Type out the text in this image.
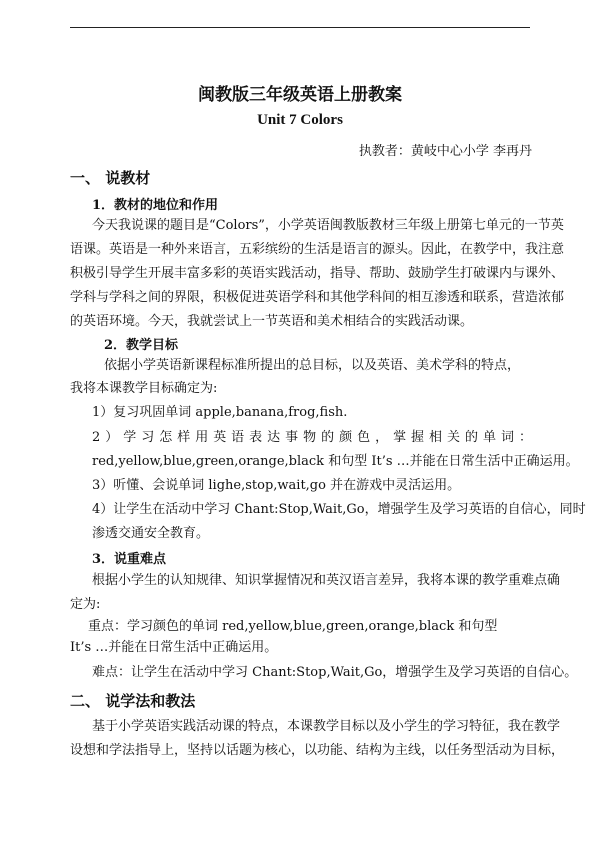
闽教版三年级英语上册教案
Unit 7 Colors
执教者：黄岐中心小学 李再丹
一、 说教材
1．教材的地位和作用
今天我说课的题目是“Colors”，小学英语闽教版教材三年级上册第七单元的一节英
语课。英语是一种外来语言，五彩缤纷的生活是语言的源头。因此，在教学中，我注意
积极引导学生开展丰富多彩的英语实践活动，指导、帮助、鼓励学生打破课内与课外、
学科与学科之间的界限，积极促进英语学科和其他学科间的相互渗透和联系，营造浓郁
的英语环境。今天，我就尝试上一节英语和美术相结合的实践活动课。
2．教学目标
依据小学英语新课程标准所提出的总目标，以及英语、美术学科的特点，
我将本课教学目标确定为:
1）复习巩固单词 apple,banana,frog,fish.
2）学习怎样用英语表达事物的颜色，掌握相关的单词：
red,yellow,blue,green,orange,black 和句型 It’s …并能在日常生活中正确运用。
3）听懂、会说单词 lighe,stop,wait,go 并在游戏中灵活运用。
4）让学生在活动中学习 Chant:Stop,Wait,Go，增强学生及学习英语的自信心，同时
渗透交通安全教育。
3．说重难点
根据小学生的认知规律、知识掌握情况和英汉语言差异，我将本课的教学重难点确
定为:
重点：学习颜色的单词 red,yellow,blue,green,orange,black 和句型
It’s …并能在日常生活中正确运用。
难点：让学生在活动中学习 Chant:Stop,Wait,Go，增强学生及学习英语的自信心。
二、 说学法和教法
基于小学英语实践活动课的特点，本课教学目标以及小学生的学习特征，我在教学
设想和学法指导上，坚持以话题为核心，以功能、结构为主线，以任务型活动为目标，
